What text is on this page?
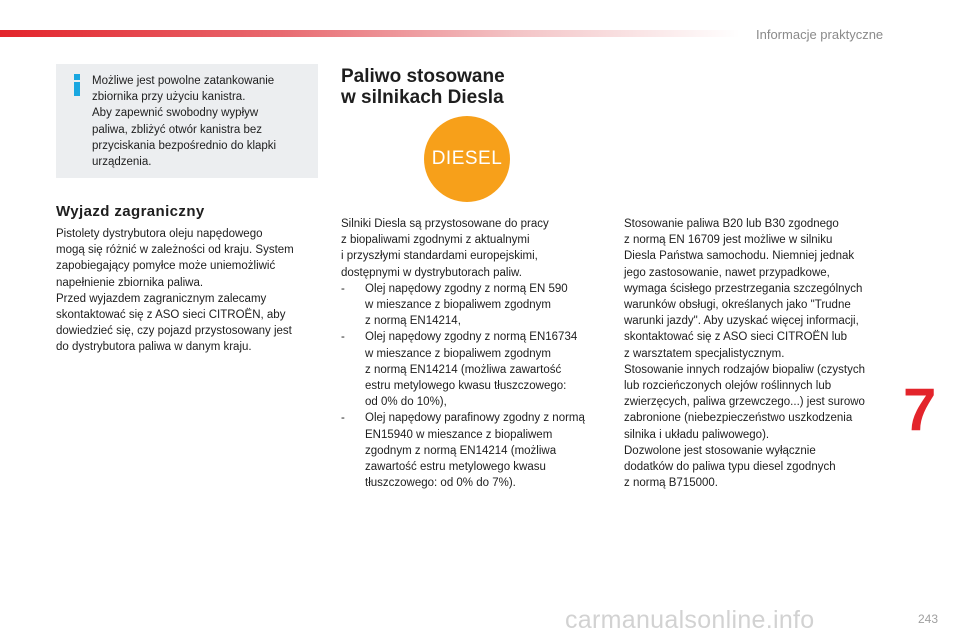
Informacje praktyczne

Możliwe jest powolne zatankowanie
zbiornika przy użyciu kanistra.
Aby zapewnić swobodny wypływ
paliwa, zbliżyć otwór kanistra bez
przyciskania bezpośrednio do klapki
urządzenia.

Wyjazd zagraniczny

Pistolety dystrybutora oleju napędowego
mogą się różnić w zależności od kraju. System
zapobiegający pomyłce może uniemożliwić
napełnienie zbiornika paliwa.

Przed wyjazdem zagranicznym zalecamy
skontaktować się z ASO sieci CITROËN, aby
dowiedzieć się, czy pojazd przystosowany jest
do dystrybutora paliwa w danym kraju.

Paliwo stosowane
w silnikach Diesla
DIESEL

Silniki Diesla są przystosowane do pracy
z biopaliwami zgodnymi z aktualnymi
i przyszłymi standardami europejskimi,
dostępnymi w dystrybutorach paliw.

- Olej napędowy zgodny z normą EN 590
w mieszance z biopaliwem zgodnym
z normą EN14214,
- Olej napędowy zgodny z normą EN16734
w mieszance z biopaliwem zgodnym
z normą EN14214 (możliwa zawartość
estru metylowego kwasu tłuszczowego:
od 0% do 10%),
- Olej napędowy parafinowy zgodny z normą
EN15940 w mieszance z biopaliwem
zgodnym z normą EN14214 (możliwa
zawartość estru metylowego kwasu
tłuszczowego: od 0% do 7%).

Stosowanie paliwa B20 lub B30 zgodnego
z normą EN 16709 jest możliwe w silniku
Diesla Państwa samochodu. Niemniej jednak
jego zastosowanie, nawet przypadkowe,
wymaga ścisłego przestrzegania szczególnych
warunków obsługi, określanych jako "Trudne
warunki jazdy". Aby uzyskać więcej informacji,
skontaktować się z ASO sieci CITROËN lub
z warsztatem specjalistycznym.

Stosowanie innych rodzajów biopaliw (czystych
lub rozcieńczonych olejów roślinnych lub
zwierzęcych, paliwa grzewczego...) jest surowo
zabronione (niebezpieczeństwo uszkodzenia
silnika i układu paliwowego).

Dozwolone jest stosowanie wyłącznie
dodatków do paliwa typu diesel zgodnych
z normą B715000.

7
carmanualsonline.info	243
